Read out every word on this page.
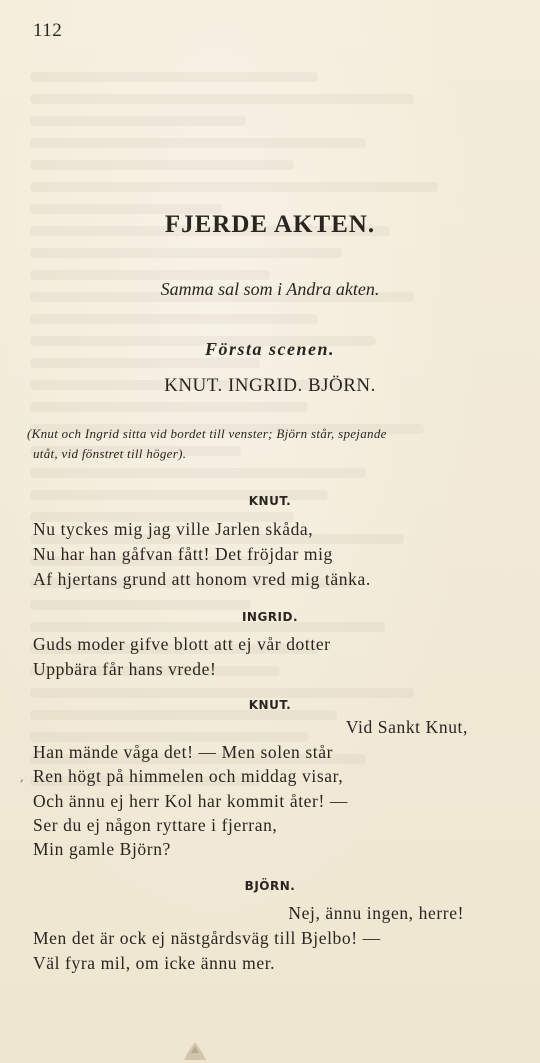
112
FJERDE AKTEN.
Samma sal som i Andra akten.
Första scenen.
KNUT. INGRID. BJÖRN.
(Knut och Ingrid sitta vid bordet till venster; Björn står, spejande
utåt, vid fönstret till höger).
KNUT.
Nu tyckes mig jag ville Jarlen skåda,
Nu har han gåfvan fått! Det fröjdar mig
Af hjertans grund att honom vred mig tänka.
INGRID.
Guds moder gifve blott att ej vår dotter
Uppbära får hans vrede!
KNUT.
Vid Sankt Knut,
Han mände våga det! — Men solen står
, Ren högt på himmelen och middag visar,
Och ännu ej herr Kol har kommit åter! —
Ser du ej någon ryttare i fjerran,
Min gamle Björn?
BJÖRN.
Nej, ännu ingen, herre!
Men det är ock ej nästgårdsväg till Bjelbo! —
Väl fyra mil, om icke ännu mer.
